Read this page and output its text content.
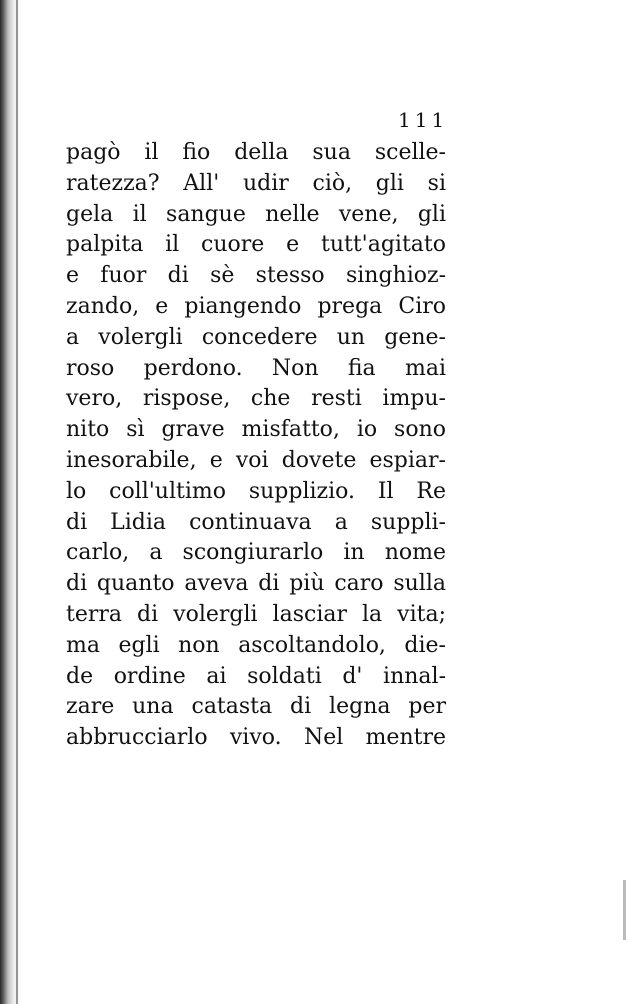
111
pagò il fio della sua scelle-
ratezza? All' udir ciò, gli si
gela il sangue nelle vene, gli
palpita il cuore e tutt'agitato
e fuor di sè stesso singhioz-
zando, e piangendo prega Ciro
a volergli concedere un gene-
roso perdono. Non fia mai
vero, rispose, che resti impu-
nito sì grave misfatto, io sono
inesorabile, e voi dovete espiar-
lo coll'ultimo supplizio. Il Re
di Lidia continuava a suppli-
carlo, a scongiurarlo in nome
di quanto aveva di più caro sulla
terra di volergli lasciar la vita;
ma egli non ascoltandolo, die-
de ordine ai soldati d' innal-
zare una catasta di legna per
abbrucciarlo vivo. Nel mentre
